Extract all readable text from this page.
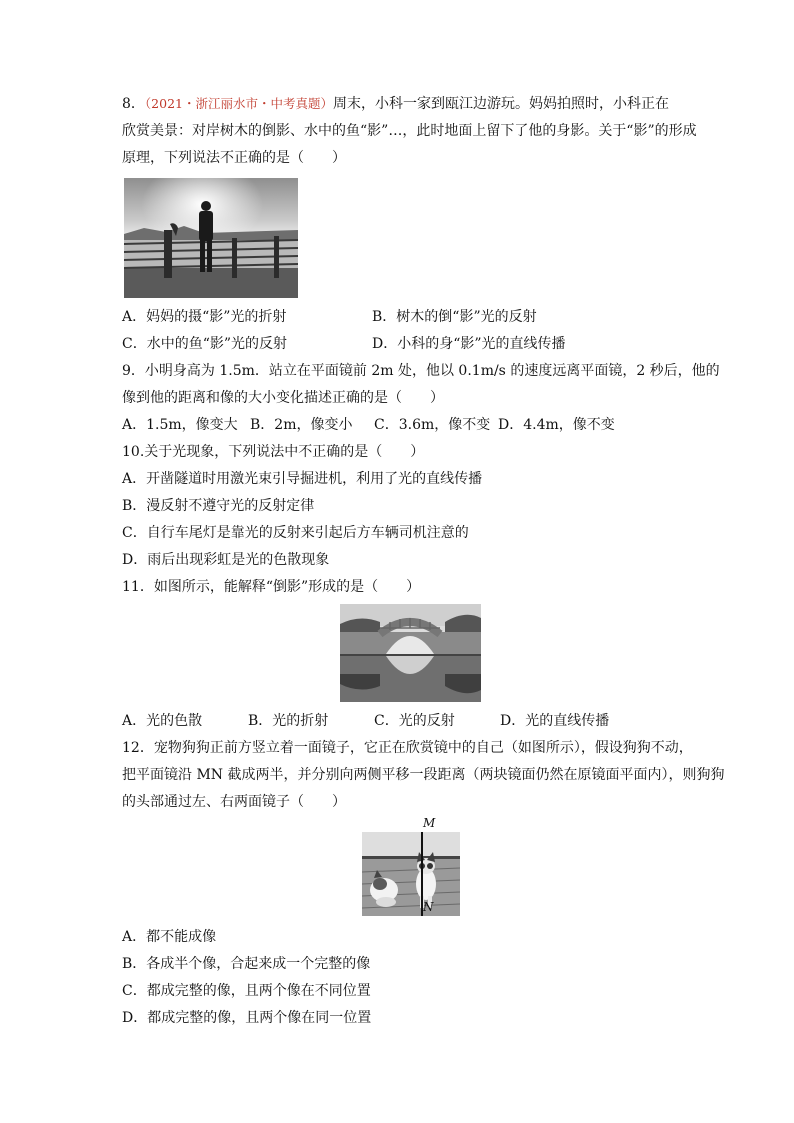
8．（2021・浙江丽水市・中考真题）周末，小科一家到瓯江边游玩。妈妈拍照时，小科正在
欣赏美景：对岸树木的倒影、水中的鱼“影”…，此时地面上留下了他的身影。关于“影”的形成
原理，下列说法不正确的是（　　）
A．妈妈的摄“影”光的折射	B．树木的倒“影”光的反射
C．水中的鱼“影”光的反射	D．小科的身“影”光的直线传播
9．小明身高为 1.5m．站立在平面镜前 2m 处，他以 0.1m/s 的速度远离平面镜，2 秒后，他的
像到他的距离和像的大小变化描述正确的是（　　）
A．1.5m，像变大 B．2m，像变小 C．3.6m，像不变 D．4.4m，像不变
10.关于光现象，下列说法中不正确的是（　　）
A．开凿隧道时用激光束引导掘进机，利用了光的直线传播
B．漫反射不遵守光的反射定律
C．自行车尾灯是靠光的反射来引起后方车辆司机注意的
D．雨后出现彩虹是光的色散现象
11．如图所示，能解释“倒影”形成的是（　　）
A．光的色散	B．光的折射	C．光的反射	D．光的直线传播
12．宠物狗狗正前方竖立着一面镜子，它正在欣赏镜中的自己（如图所示），假设狗狗不动，
把平面镜沿 MN 截成两半，并分别向两侧平移一段距离（两块镜面仍然在原镜面平面内），则狗狗
的头部通过左、右两面镜子（　　）
M
N
A．都不能成像
B．各成半个像，合起来成一个完整的像
C．都成完整的像，且两个像在不同位置
D．都成完整的像，且两个像在同一位置
